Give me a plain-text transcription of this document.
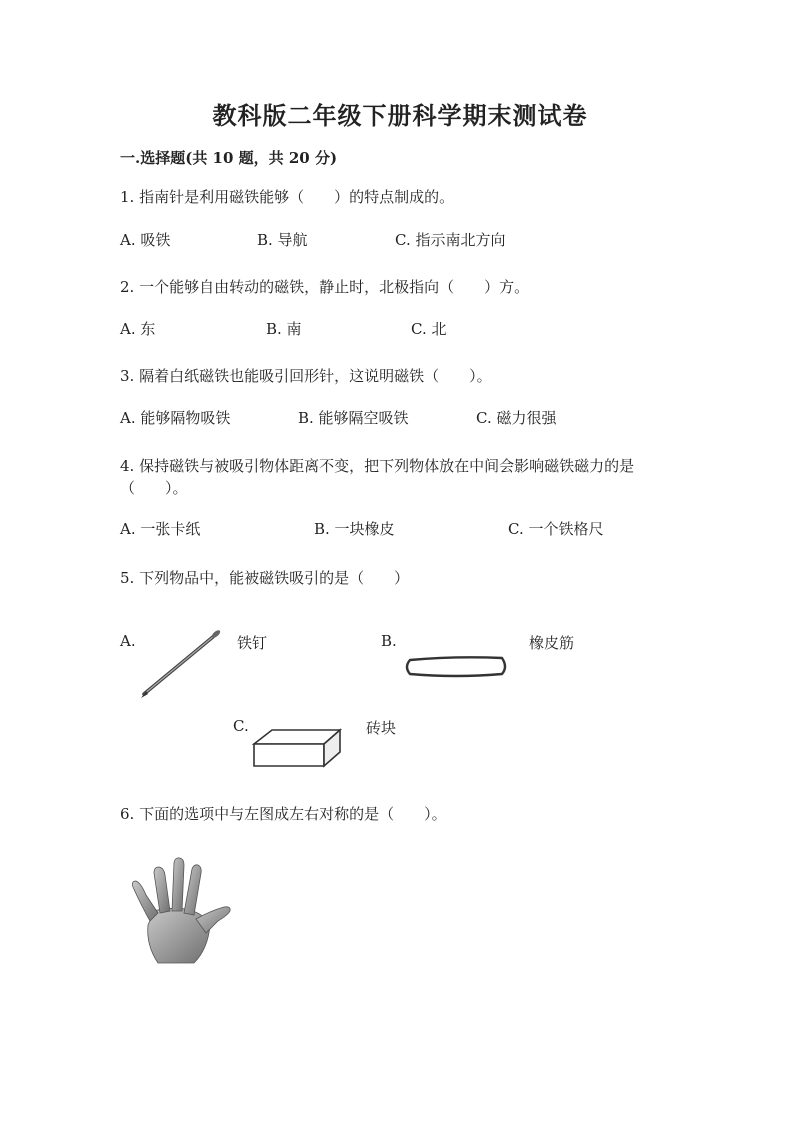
教科版二年级下册科学期末测试卷
一.选择题(共 10 题，共 20 分)
1. 指南针是利用磁铁能够（　　）的特点制成的。
A. 吸铁	B. 导航	C. 指示南北方向
2. 一个能够自由转动的磁铁，静止时，北极指向（　　）方。
A. 东	B. 南	C. 北
3. 隔着白纸磁铁也能吸引回形针，这说明磁铁（　　）。
A. 能够隔物吸铁	B. 能够隔空吸铁	C. 磁力很强
4. 保持磁铁与被吸引物体距离不变，把下列物体放在中间会影响磁铁磁力的是（　　）。
A. 一张卡纸	B. 一块橡皮	C. 一个铁格尺
5. 下列物品中，能被磁铁吸引的是（　　）
A.	铁钉	B.	橡皮筋
C.	砖块
6. 下面的选项中与左图成左右对称的是（　　）。
